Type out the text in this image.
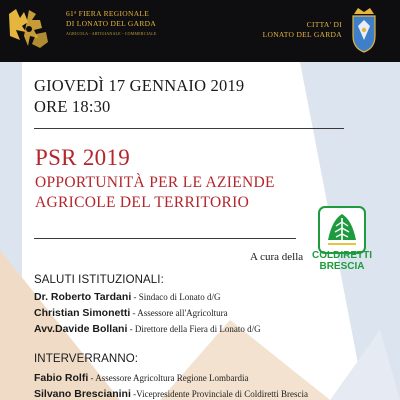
61ª FIERA REGIONALE
DI LONATO DEL GARDA
AGRICOLA - ARTIGIANALE - COMMERCIALE
CITTA' DI
LONATO DEL GARDA
GIOVEDÌ 17 GENNAIO 2019
ORE 18:30
PSR 2019
OPPORTUNITÀ PER LE AZIENDE
AGRICOLE DEL TERRITORIO
A cura della COLDIRETTI
BRESCIA
SALUTI ISTITUZIONALI:
Dr. Roberto Tardani - Sindaco di Lonato d/G
Christian Simonetti - Assessore all'Agricoltura
Avv.Davide Bollani - Direttore della Fiera di Lonato d/G
INTERVERRANNO:
Fabio Rolfi - Assessore Agricoltura Regione Lombardia
Silvano Brescianini -Vicepresidente Provinciale di Coldiretti Brescia
